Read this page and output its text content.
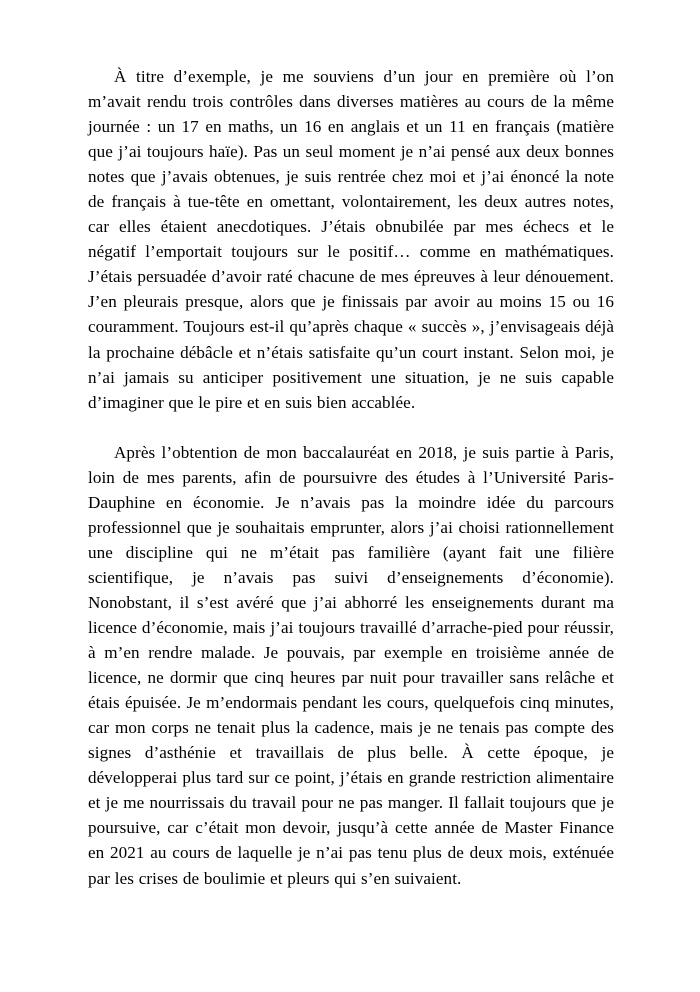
À titre d’exemple, je me souviens d’un jour en première où l’on m’avait rendu trois contrôles dans diverses matières au cours de la même journée : un 17 en maths, un 16 en anglais et un 11 en français (matière que j’ai toujours haïe). Pas un seul moment je n’ai pensé aux deux bonnes notes que j’avais obtenues, je suis rentrée chez moi et j’ai énoncé la note de français à tue-tête en omettant, volontairement, les deux autres notes, car elles étaient anecdotiques. J’étais obnubilée par mes échecs et le négatif l’emportait toujours sur le positif… comme en mathématiques. J’étais persuadée d’avoir raté chacune de mes épreuves à leur dénouement. J’en pleurais presque, alors que je finissais par avoir au moins 15 ou 16 couramment. Toujours est-il qu’après chaque « succès », j’envisageais déjà la prochaine débâcle et n’étais satisfaite qu’un court instant. Selon moi, je n’ai jamais su anticiper positivement une situation, je ne suis capable d’imaginer que le pire et en suis bien accablée.

Après l’obtention de mon baccalauréat en 2018, je suis partie à Paris, loin de mes parents, afin de poursuivre des études à l’Université Paris-Dauphine en économie. Je n’avais pas la moindre idée du parcours professionnel que je souhaitais emprunter, alors j’ai choisi rationnellement une discipline qui ne m’était pas familière (ayant fait une filière scientifique, je n’avais pas suivi d’enseignements d’économie). Nonobstant, il s’est avéré que j’ai abhorré les enseignements durant ma licence d’économie, mais j’ai toujours travaillé d’arrache-pied pour réussir, à m’en rendre malade. Je pouvais, par exemple en troisième année de licence, ne dormir que cinq heures par nuit pour travailler sans relâche et étais épuisée. Je m’endormais pendant les cours, quelquefois cinq minutes, car mon corps ne tenait plus la cadence, mais je ne tenais pas compte des signes d’asthénie et travaillais de plus belle. À cette époque, je développerai plus tard sur ce point, j’étais en grande restriction alimentaire et je me nourrissais du travail pour ne pas manger. Il fallait toujours que je poursuive, car c’était mon devoir, jusqu’à cette année de Master Finance en 2021 au cours de laquelle je n’ai pas tenu plus de deux mois, exténuée par les crises de boulimie et pleurs qui s’en suivaient.
